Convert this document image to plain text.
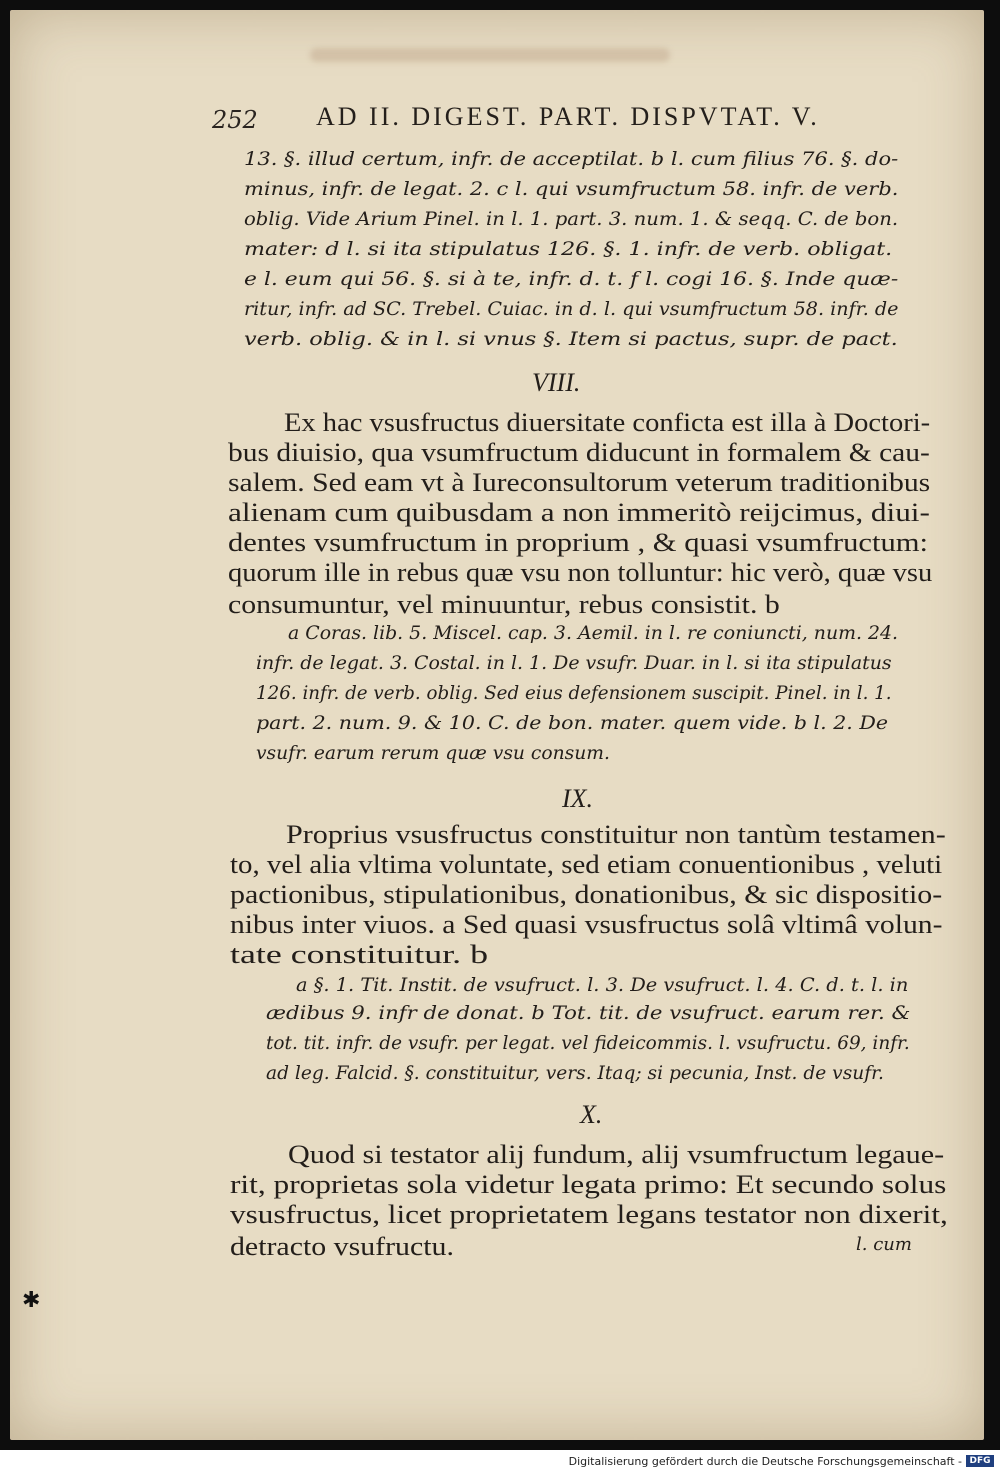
252 AD II. DIGEST. PART. DISPVTAT. V.
13. §. illud certum, infr. de acceptilat. b l. cum filius 76. §. do-
minus, infr. de legat. 2. c l. qui vsumfructum 58. infr. de verb.
oblig. Vide Arium Pinel. in l. 1. part. 3. num. 1. & seqq. C. de bon.
mater: d l. si ita stipulatus 126. §. 1. infr. de verb. obligat.
e l. eum qui 56. §. si à te, infr. d. t. f l. cogi 16. §. Inde quæ-
ritur, infr. ad SC. Trebel. Cuiac. in d. l. qui vsumfructum 58. infr. de
verb. oblig. & in l. si vnus §. Item si pactus, supr. de pact.
VIII.
Ex hac vsusfructus diuersitate conficta est illa à Doctori-
bus diuisio, qua vsumfructum diducunt in formalem & cau-
salem. Sed eam vt à Iureconsultorum veterum traditionibus
alienam cum quibusdam a non immeritò reijcimus, diui-
dentes vsumfructum in proprium , & quasi vsumfructum:
quorum ille in rebus quæ vsu non tolluntur: hic verò, quæ vsu
consumuntur, vel minuuntur, rebus consistit. b
a Coras. lib. 5. Miscel. cap. 3. Aemil. in l. re coniuncti, num. 24.
infr. de legat. 3. Costal. in l. 1. De vsufr. Duar. in l. si ita stipulatus
126. infr. de verb. oblig. Sed eius defensionem suscipit. Pinel. in l. 1.
part. 2. num. 9. & 10. C. de bon. mater. quem vide. b l. 2. De
vsufr. earum rerum quæ vsu consum.
IX.
Proprius vsusfructus constituitur non tantùm testamen-
to, vel alia vltima voluntate, sed etiam conuentionibus , veluti
pactionibus, stipulationibus, donationibus, & sic dispositio-
nibus inter viuos. a Sed quasi vsusfructus solâ vltimâ volun-
tate constituitur. b
a §. 1. Tit. Instit. de vsufruct. l. 3. De vsufruct. l. 4. C. d. t. l. in
ædibus 9. infr de donat. b Tot. tit. de vsufruct. earum rer. &
tot. tit. infr. de vsufr. per legat. vel fideicommis. l. vsufructu. 69, infr.
ad leg. Falcid. §. constituitur, vers. Itaq; si pecunia, Inst. de vsufr.
X.
Quod si testator alij fundum, alij vsumfructum legaue-
rit, proprietas sola videtur legata primo: Et secundo solus
vsusfructus, licet proprietatem legans testator non dixerit,
detracto vsufructu.	l. cum
✱
Digitalisierung gefördert durch die Deutsche Forschungsgemeinschaft - DFG
